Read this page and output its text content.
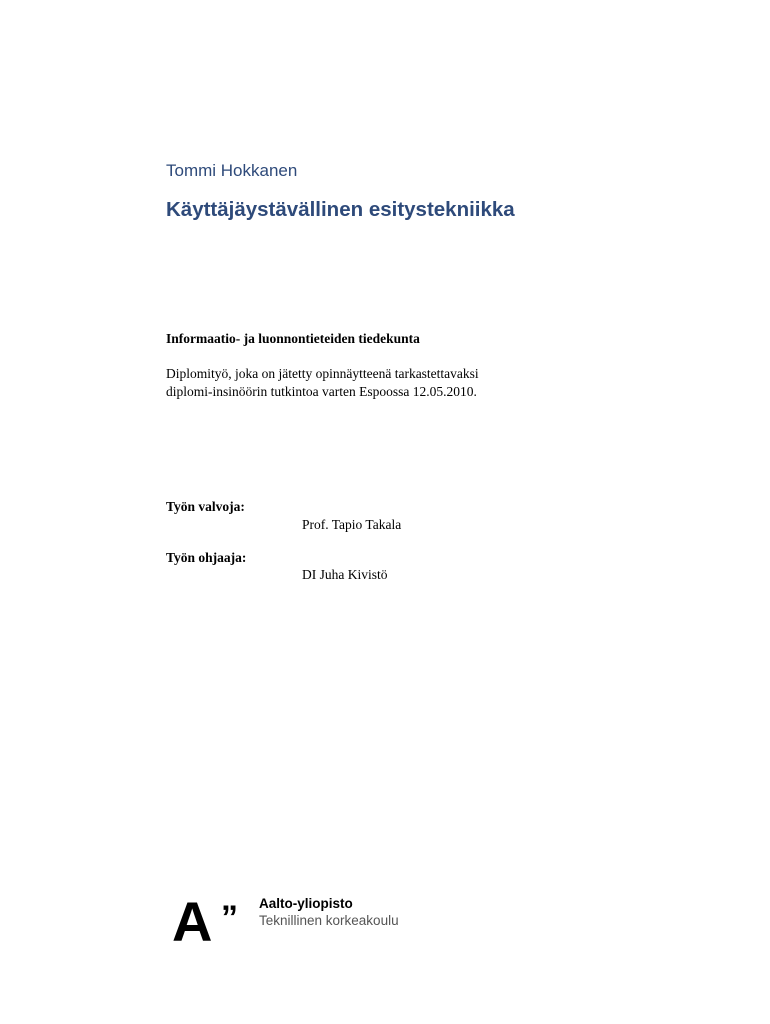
Tommi Hokkanen
Käyttäjäystävällinen esitystekniikka
Informaatio- ja luonnontieteiden tiedekunta
Diplomityö, joka on jätetty opinnäytteenä tarkastettavaksi
diplomi-insinöörin tutkintoa varten Espoossa 12.05.2010.
Työn valvoja:
Prof. Tapio Takala
Työn ohjaaja:
DI Juha Kivistö
A ” Aalto-yliopisto
Teknillinen korkeakoulu
